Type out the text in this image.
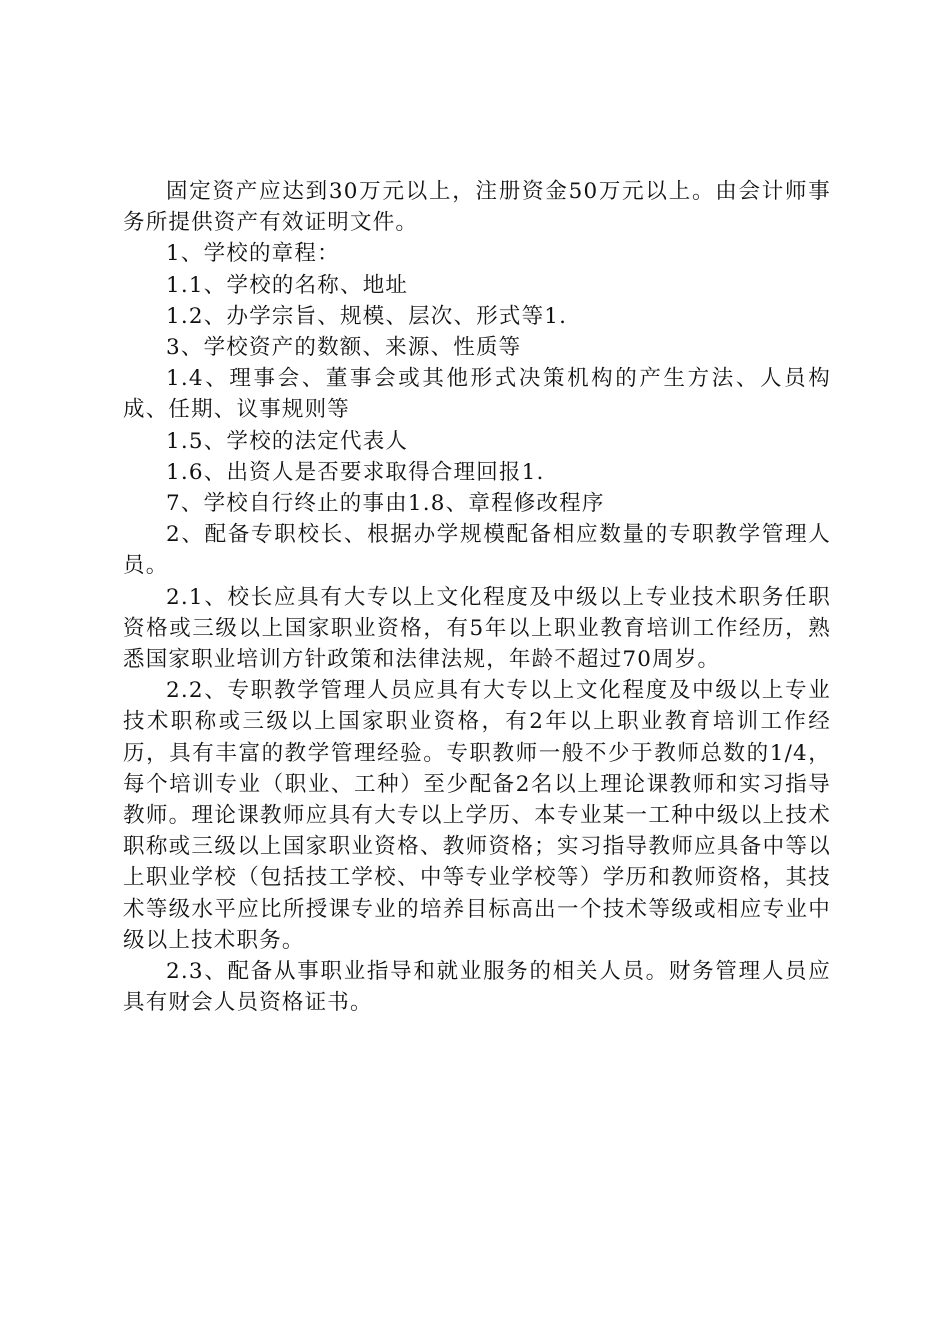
固定资产应达到30万元以上，注册资金50万元以上。由会计师事务所提供资产有效证明文件。

1、学校的章程：

1.1、学校的名称、地址

1.2、办学宗旨、规模、层次、形式等1.

3、学校资产的数额、来源、性质等

1.4、理事会、董事会或其他形式决策机构的产生方法、人员构成、任期、议事规则等

1.5、学校的法定代表人

1.6、出资人是否要求取得合理回报1.

7、学校自行终止的事由1.8、章程修改程序

2、配备专职校长、根据办学规模配备相应数量的专职教学管理人员。

2.1、校长应具有大专以上文化程度及中级以上专业技术职务任职资格或三级以上国家职业资格，有5年以上职业教育培训工作经历，熟悉国家职业培训方针政策和法律法规，年龄不超过70周岁。

2.2、专职教学管理人员应具有大专以上文化程度及中级以上专业技术职称或三级以上国家职业资格，有2年以上职业教育培训工作经历，具有丰富的教学管理经验。专职教师一般不少于教师总数的1/4，每个培训专业（职业、工种）至少配备2名以上理论课教师和实习指导教师。理论课教师应具有大专以上学历、本专业某一工种中级以上技术职称或三级以上国家职业资格、教师资格；实习指导教师应具备中等以上职业学校（包括技工学校、中等专业学校等）学历和教师资格，其技术等级水平应比所授课专业的培养目标高出一个技术等级或相应专业中级以上技术职务。

2.3、配备从事职业指导和就业服务的相关人员。财务管理人员应具有财会人员资格证书。
